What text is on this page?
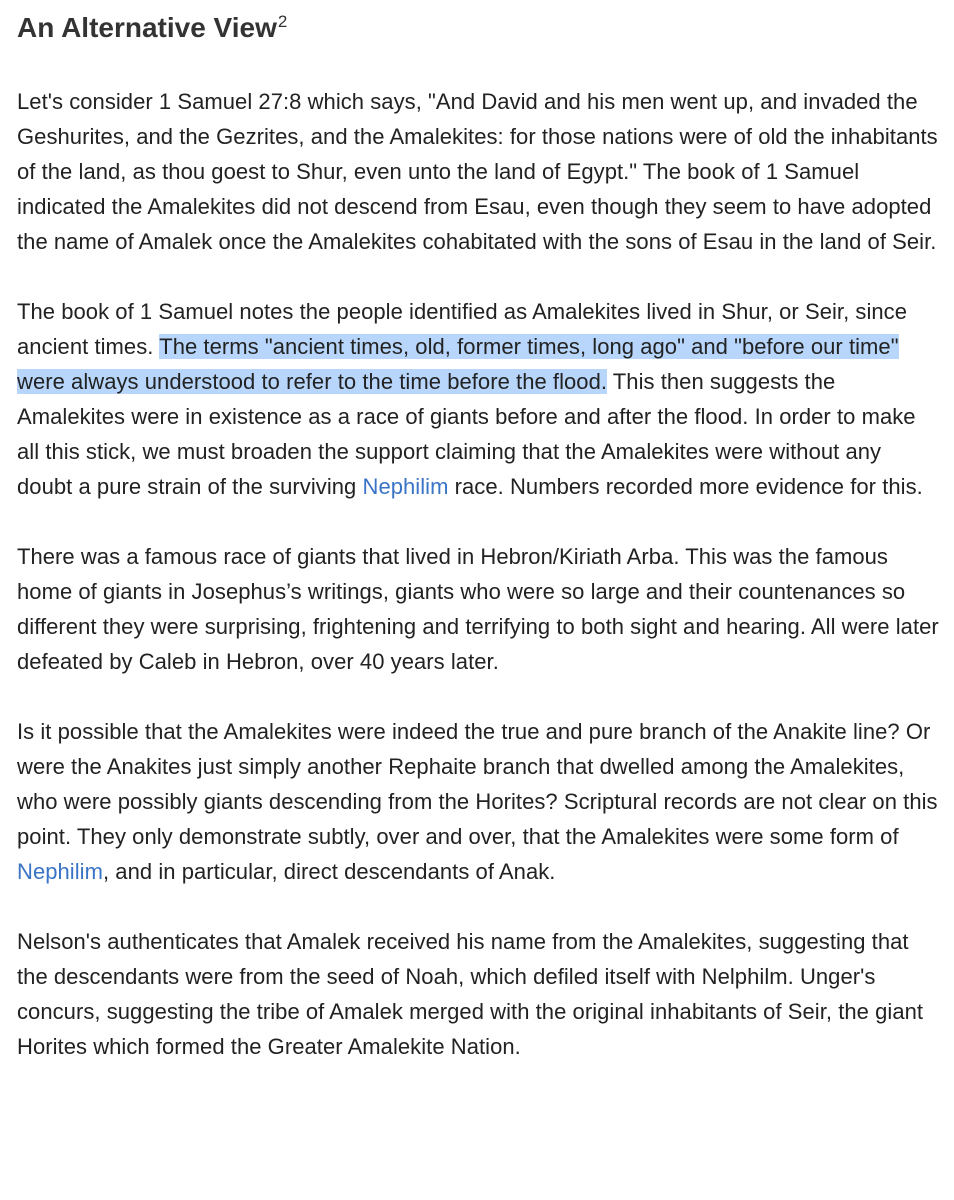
An Alternative View$^2$

Let's consider 1 Samuel 27:8 which says, "And David and his men went up, and invaded the Geshurites, and the Gezrites, and the Amalekites: for those nations were of old the inhabitants of the land, as thou goest to Shur, even unto the land of Egypt." The book of 1 Samuel indicated the Amalekites did not descend from Esau, even though they seem to have adopted the name of Amalek once the Amalekites cohabitated with the sons of Esau in the land of Seir.

The book of 1 Samuel notes the people identified as Amalekites lived in Shur, or Seir, since ancient times. The terms "ancient times, old, former times, long ago" and "before our time" were always understood to refer to the time before the flood. This then suggests the Amalekites were in existence as a race of giants before and after the flood. In order to make all this stick, we must broaden the support claiming that the Amalekites were without any doubt a pure strain of the surviving Nephilim race. Numbers recorded more evidence for this.

There was a famous race of giants that lived in Hebron/Kiriath Arba. This was the famous home of giants in Josephus’s writings, giants who were so large and their countenances so different they were surprising, frightening and terrifying to both sight and hearing. All were later defeated by Caleb in Hebron, over 40 years later.

Is it possible that the Amalekites were indeed the true and pure branch of the Anakite line? Or were the Anakites just simply another Rephaite branch that dwelled among the Amalekites, who were possibly giants descending from the Horites? Scriptural records are not clear on this point. They only demonstrate subtly, over and over, that the Amalekites were some form of Nephilim, and in particular, direct descendants of Anak.

Nelson's authenticates that Amalek received his name from the Amalekites, suggesting that the descendants were from the seed of Noah, which defiled itself with Nelphilm. Unger's concurs, suggesting the tribe of Amalek merged with the original inhabitants of Seir, the giant Horites which formed the Greater Amalekite Nation.
